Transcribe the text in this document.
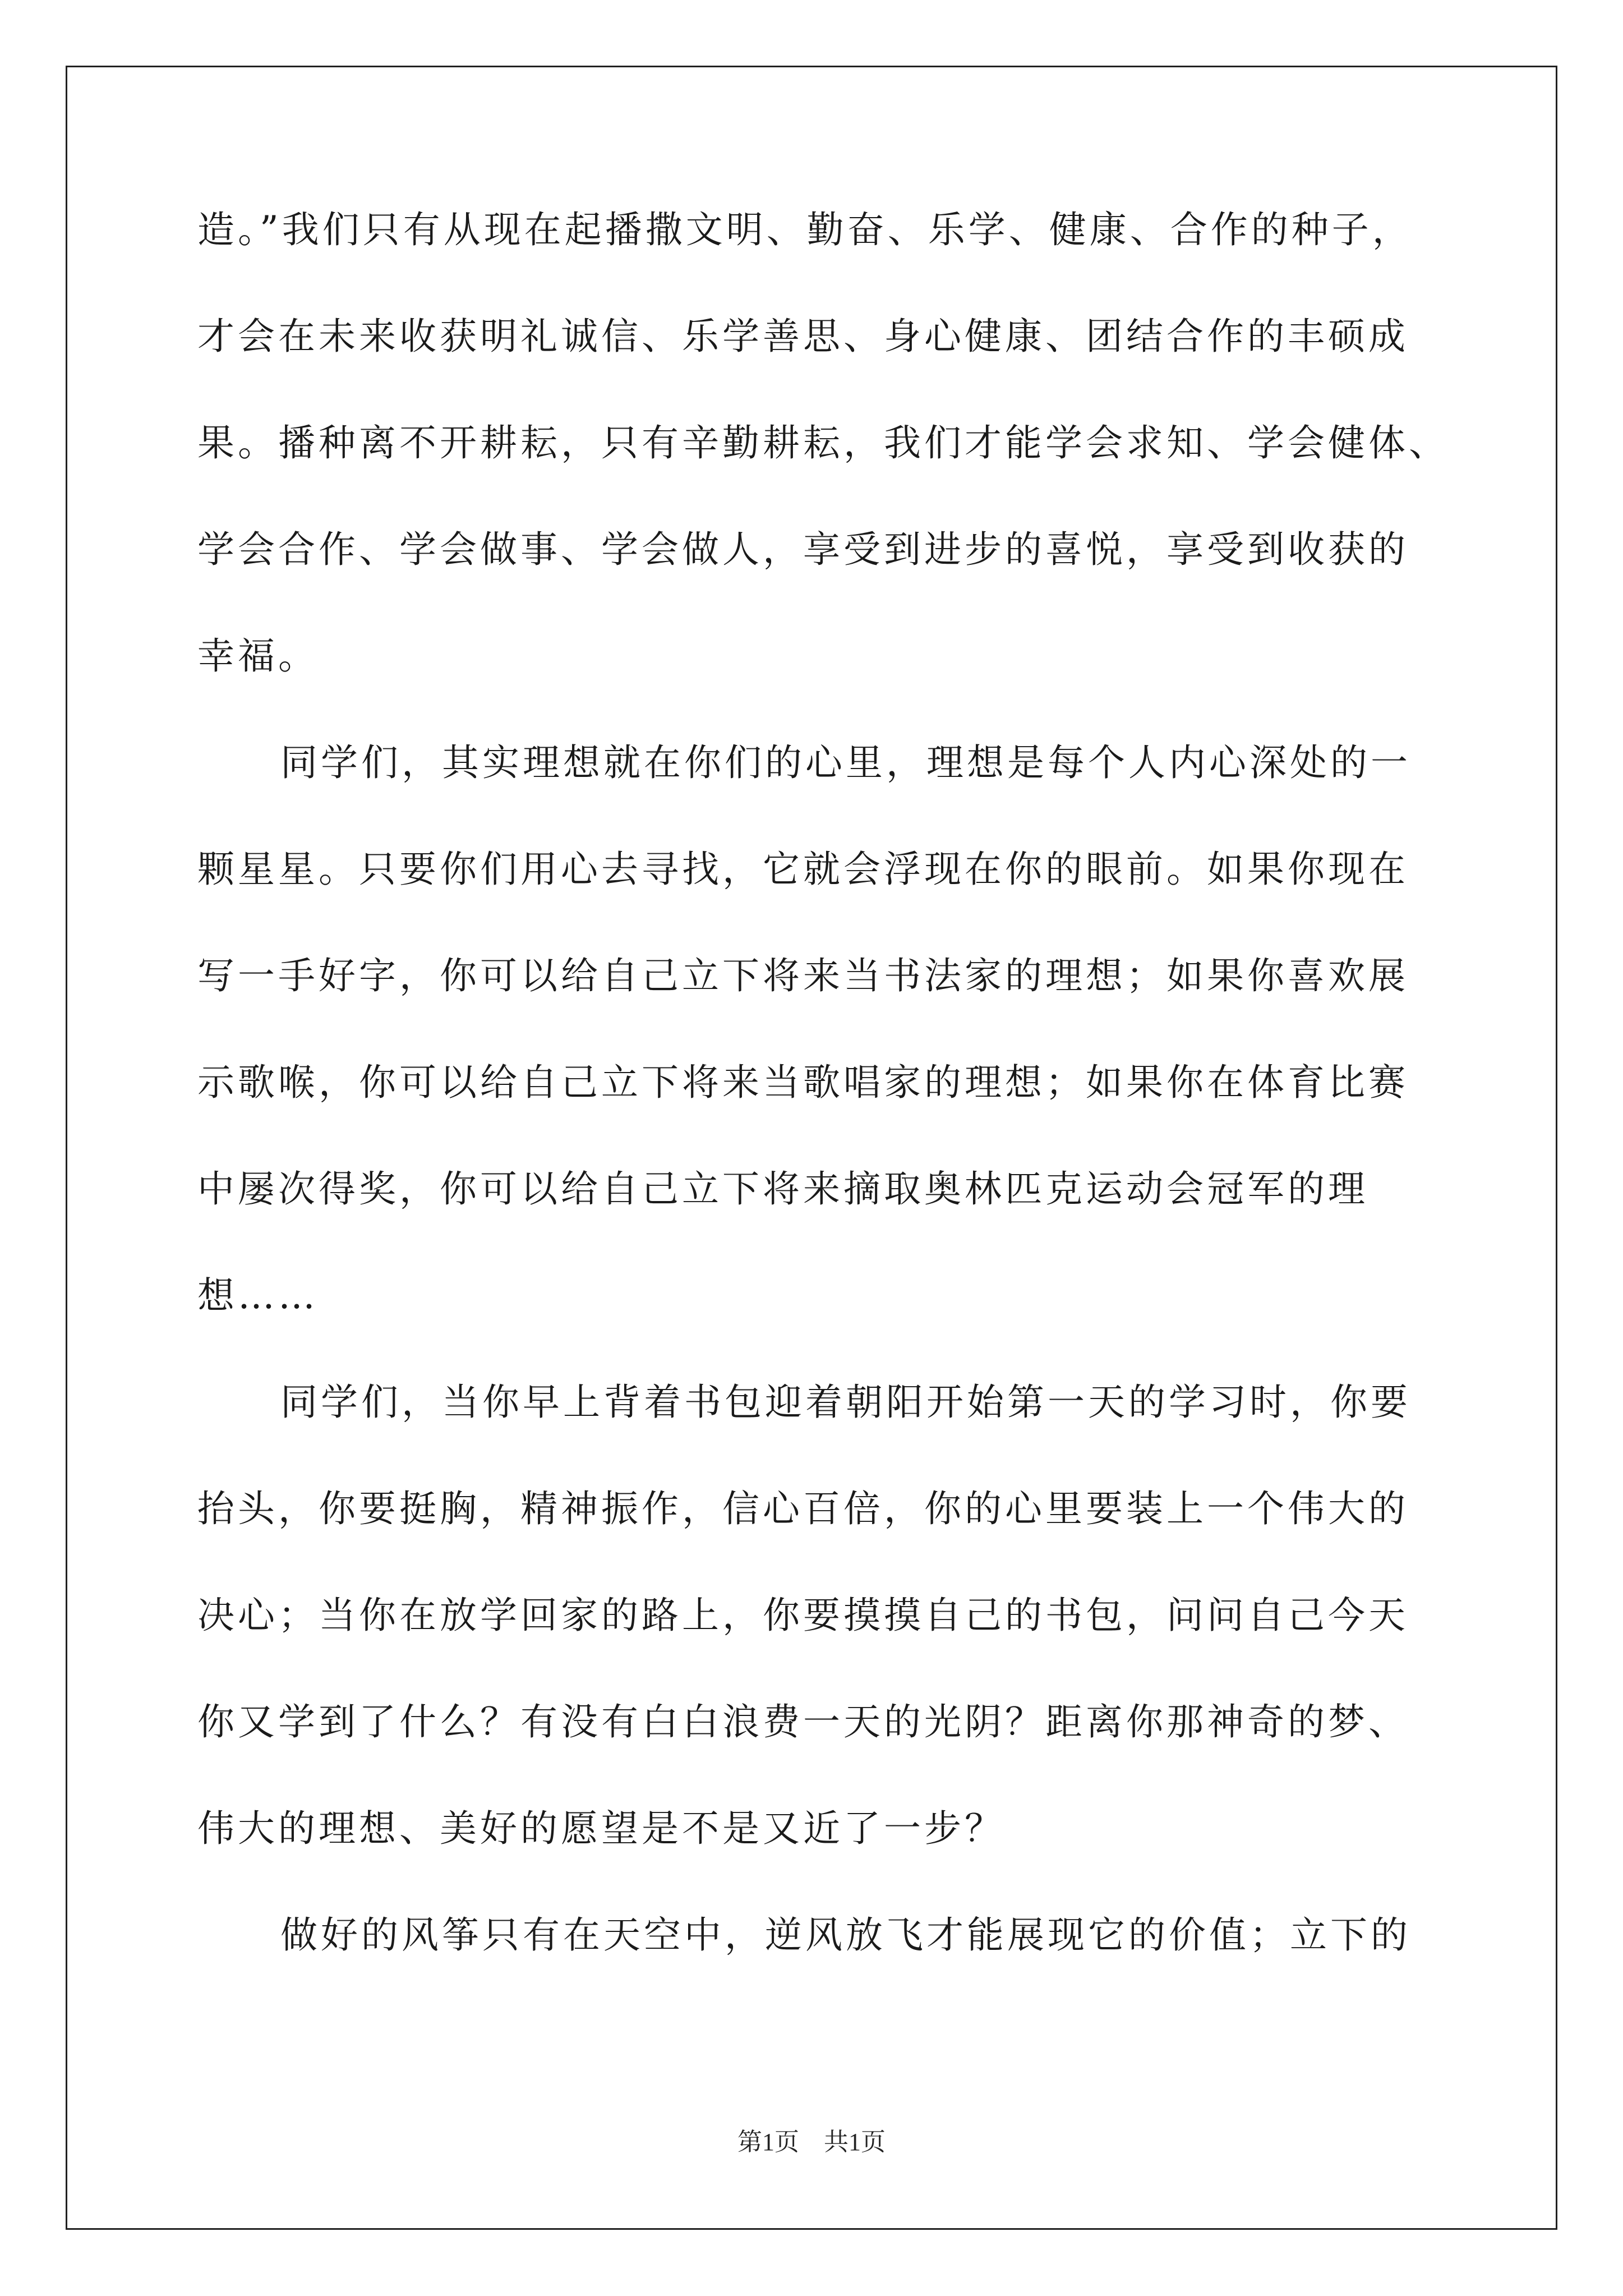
造。”我们只有从现在起播撒文明、勤奋、乐学、健康、合作的种子，
才会在未来收获明礼诚信、乐学善思、身心健康、团结合作的丰硕成
果。播种离不开耕耘，只有辛勤耕耘，我们才能学会求知、学会健体、
学会合作、学会做事、学会做人，享受到进步的喜悦，享受到收获的
幸福。
同学们，其实理想就在你们的心里，理想是每个人内心深处的一
颗星星。只要你们用心去寻找，它就会浮现在你的眼前。如果你现在
写一手好字，你可以给自己立下将来当书法家的理想；如果你喜欢展
示歌喉，你可以给自己立下将来当歌唱家的理想；如果你在体育比赛
中屡次得奖，你可以给自己立下将来摘取奥林匹克运动会冠军的理
想……
同学们，当你早上背着书包迎着朝阳开始第一天的学习时，你要
抬头，你要挺胸，精神振作，信心百倍，你的心里要装上一个伟大的
决心；当你在放学回家的路上，你要摸摸自己的书包，问问自己今天
你又学到了什么？有没有白白浪费一天的光阴？距离你那神奇的梦、
伟大的理想、美好的愿望是不是又近了一步？
做好的风筝只有在天空中，逆风放飞才能展现它的价值；立下的
第1页　共1页
